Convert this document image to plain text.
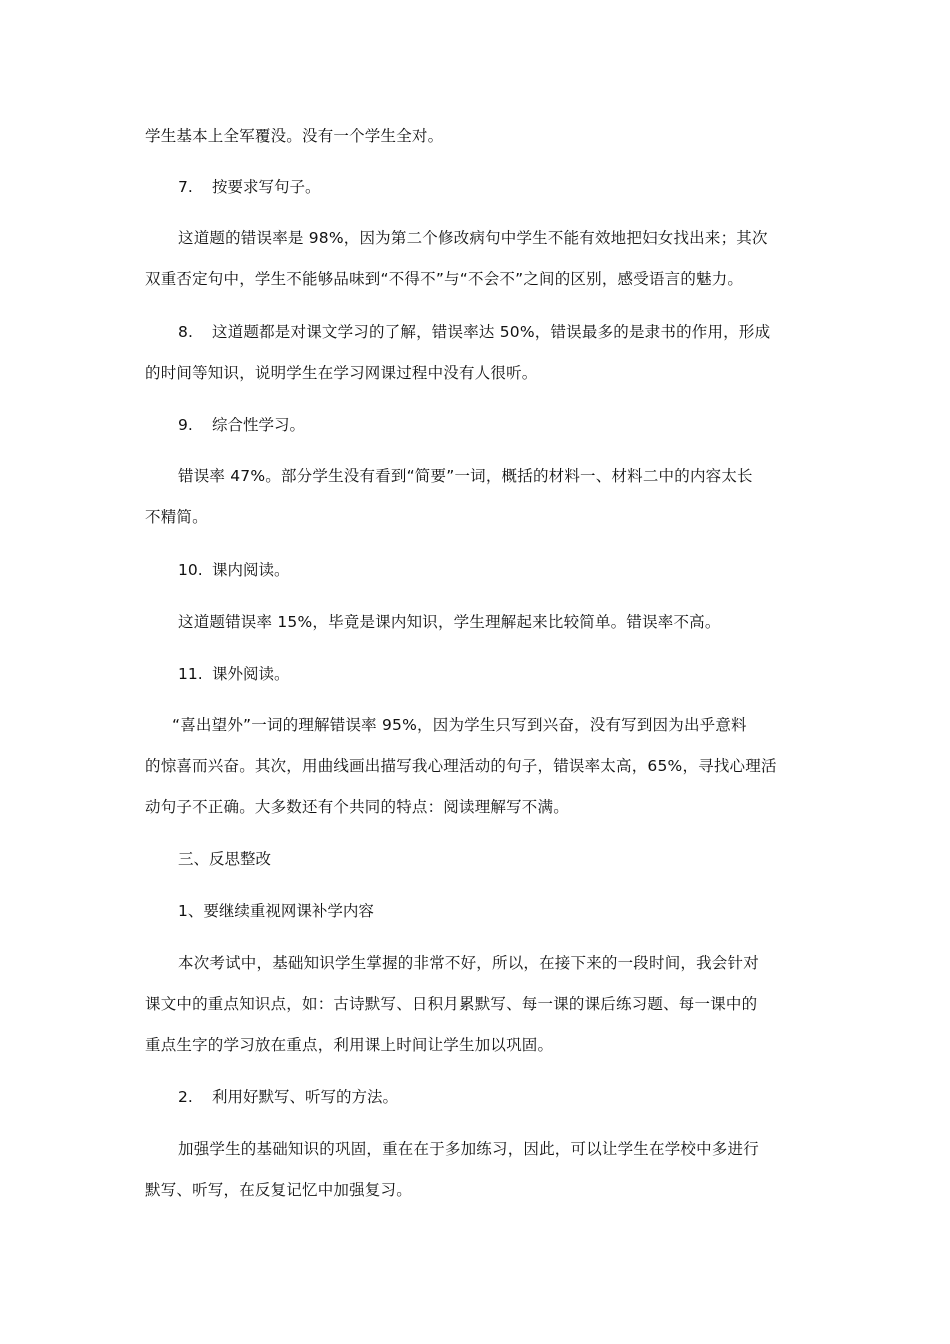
学生基本上全军覆没。没有一个学生全对。

7. 按要求写句子。

这道题的错误率是 98%，因为第二个修改病句中学生不能有效地把妇女找出来；其次
双重否定句中，学生不能够品味到“不得不”与“不会不”之间的区别，感受语言的魅力。

8. 这道题都是对课文学习的了解，错误率达 50%，错误最多的是隶书的作用，形成
的时间等知识，说明学生在学习网课过程中没有人很听。

9. 综合性学习。

错误率 47%。部分学生没有看到“简要”一词，概括的材料一、材料二中的内容太长
不精简。

10. 课内阅读。

这道题错误率 15%，毕竟是课内知识，学生理解起来比较简单。错误率不高。

11. 课外阅读。

“喜出望外”一词的理解错误率 95%，因为学生只写到兴奋，没有写到因为出乎意料
的惊喜而兴奋。其次，用曲线画出描写我心理活动的句子，错误率太高，65%，寻找心理活
动句子不正确。大多数还有个共同的特点：阅读理解写不满。

三、反思整改

1、要继续重视网课补学内容

本次考试中，基础知识学生掌握的非常不好，所以，在接下来的一段时间，我会针对
课文中的重点知识点，如：古诗默写、日积月累默写、每一课的课后练习题、每一课中的
重点生字的学习放在重点，利用课上时间让学生加以巩固。

2. 利用好默写、听写的方法。

加强学生的基础知识的巩固，重在在于多加练习，因此，可以让学生在学校中多进行
默写、听写，在反复记忆中加强复习。
